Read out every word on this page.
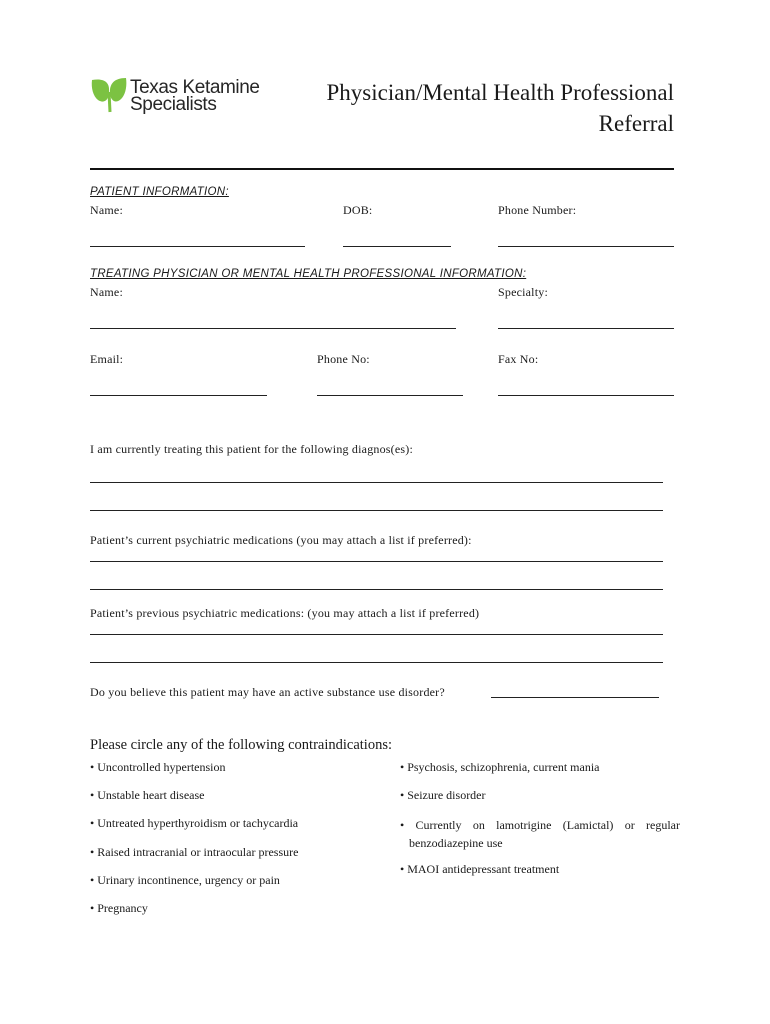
Texas Ketamine
Specialists	Physician/Mental Health Professional
Referral
PATIENT INFORMATION:
Name:	DOB:	Phone Number:
TREATING PHYSICIAN OR MENTAL HEALTH PROFESSIONAL INFORMATION:
Name:	Specialty:
Email:	Phone No:	Fax No:
I am currently treating this patient for the following diagnos(es):
Patient’s current psychiatric medications (you may attach a list if preferred):
Patient’s previous psychiatric medications: (you may attach a list if preferred)
Do you believe this patient may have an active substance use disorder?
Please circle any of the following contraindications:
• Uncontrolled hypertension
• Unstable heart disease
• Untreated hyperthyroidism or tachycardia
• Raised intracranial or intraocular pressure
• Urinary incontinence, urgency or pain
• Pregnancy
• Psychosis, schizophrenia, current mania
• Seizure disorder
• Currently on lamotrigine (Lamictal) or regular
benzodiazepine use
• MAOI antidepressant treatment
